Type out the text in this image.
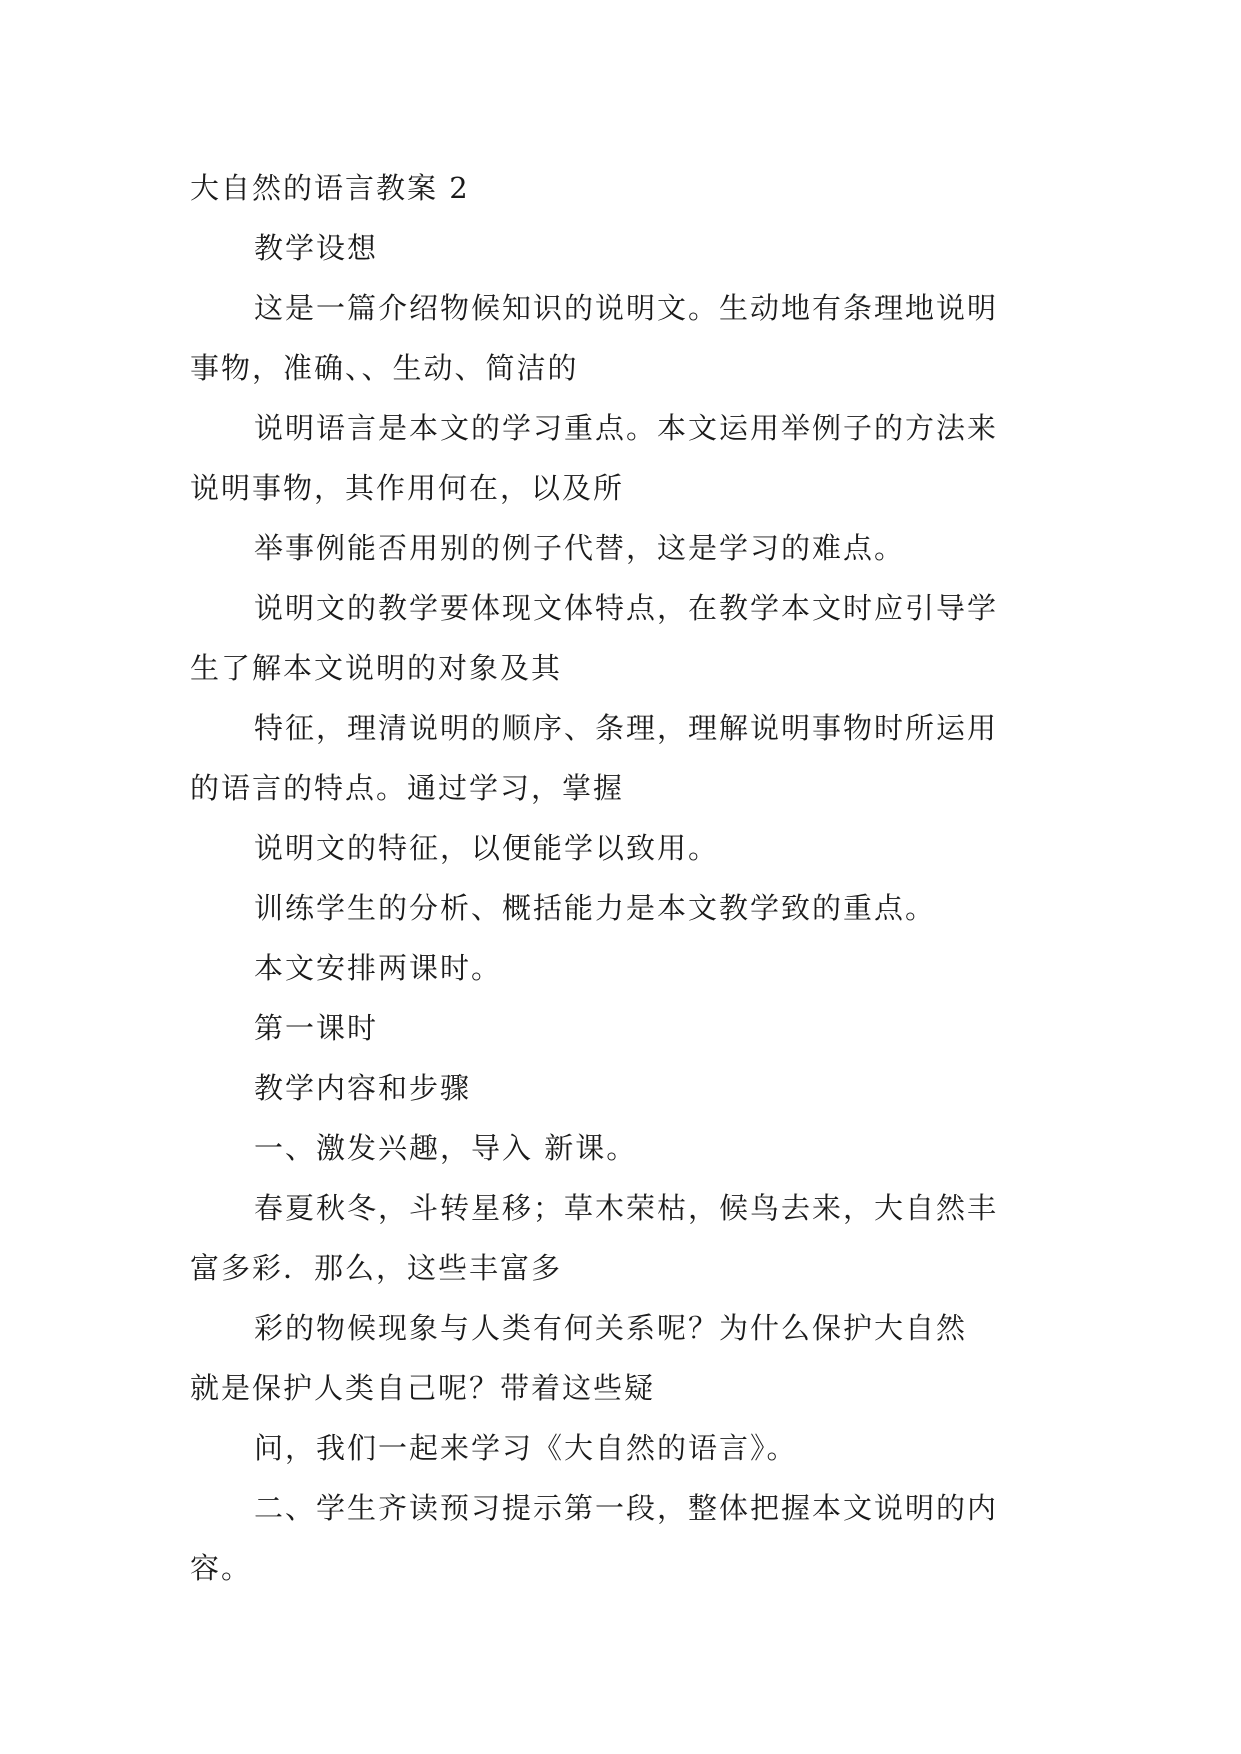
大自然的语言教案 2
教学设想
这是一篇介绍物候知识的说明文。生动地有条理地说明
事物，准确、、生动、简洁的
说明语言是本文的学习重点。本文运用举例子的方法来
说明事物，其作用何在，以及所
举事例能否用别的例子代替，这是学习的难点。
说明文的教学要体现文体特点，在教学本文时应引导学
生了解本文说明的对象及其
特征，理清说明的顺序、条理，理解说明事物时所运用
的语言的特点。通过学习，掌握
说明文的特征，以便能学以致用。
训练学生的分析、概括能力是本文教学致的重点。
本文安排两课时。
第一课时
教学内容和步骤
一、激发兴趣，导入 新课。
春夏秋冬，斗转星移；草木荣枯，候鸟去来，大自然丰
富多彩．那么，这些丰富多
彩的物候现象与人类有何关系呢？为什么保护大自然
就是保护人类自己呢？带着这些疑
问，我们一起来学习《大自然的语言》。
二、学生齐读预习提示第一段，整体把握本文说明的内
容。
